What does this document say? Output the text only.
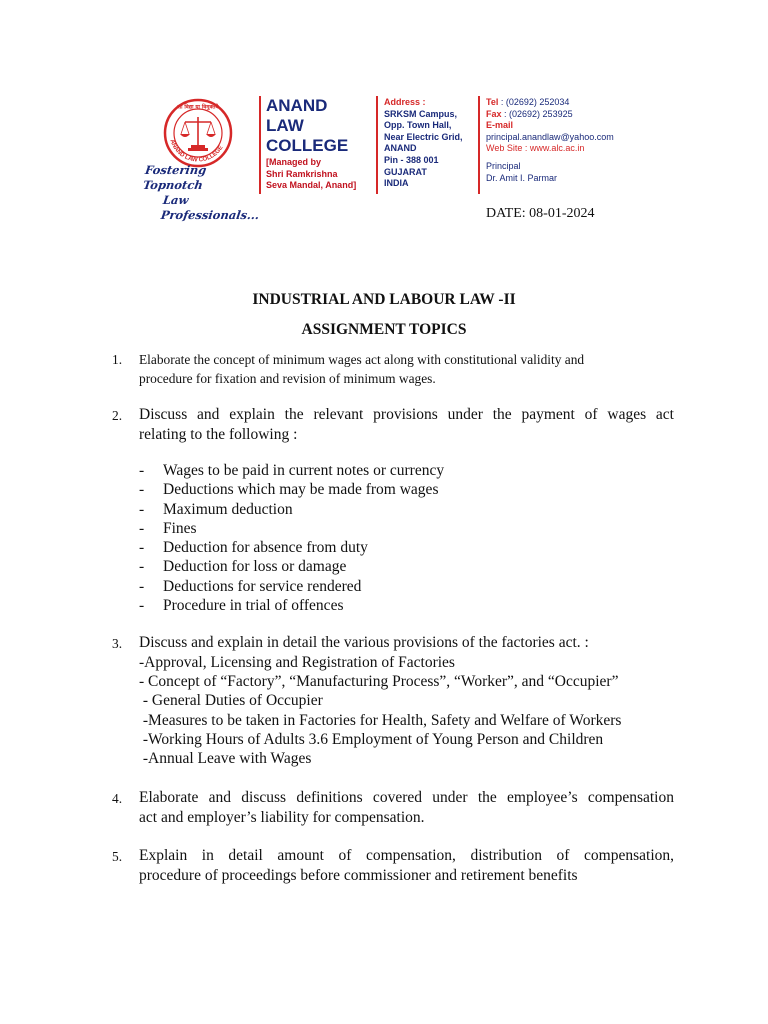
ANAND LAW COLLEGE
सा विद्या या विमुक्तये
Fostering Topnotch
Law Professionals...
ANAND
LAW
COLLEGE
[Managed by
Shri Ramkrishna
Seva Mandal, Anand]
Address :
SRKSM Campus,
Opp. Town Hall,
Near Electric Grid,
ANAND
Pin - 388 001
GUJARAT
INDIA
Tel : (02692) 252034
Fax : (02692) 253925
E-mail
principal.anandlaw@yahoo.com
Web Site : www.alc.ac.in
Principal
Dr. Amit I. Parmar
DATE: 08-01-2024
INDUSTRIAL AND LABOUR LAW -II
ASSIGNMENT TOPICS
1. Elaborate the concept of minimum wages act along with constitutional validity and
procedure for fixation and revision of minimum wages.
2. Discuss and explain the relevant provisions under the payment of wages act
relating to the following :
- Wages to be paid in current notes or currency
- Deductions which may be made from wages
- Maximum deduction
- Fines
- Deduction for absence from duty
- Deduction for loss or damage
- Deductions for service rendered
- Procedure in trial of offences
3. Discuss and explain in detail the various provisions of the factories act. :
-Approval, Licensing and Registration of Factories
- Concept of “Factory”, “Manufacturing Process”, “Worker”, and “Occupier”
- General Duties of Occupier
-Measures to be taken in Factories for Health, Safety and Welfare of Workers
-Working Hours of Adults 3.6 Employment of Young Person and Children
-Annual Leave with Wages
4. Elaborate and discuss definitions covered under the employee’s compensation
act and employer’s liability for compensation.
5. Explain in detail amount of compensation, distribution of compensation,
procedure of proceedings before commissioner and retirement benefits
